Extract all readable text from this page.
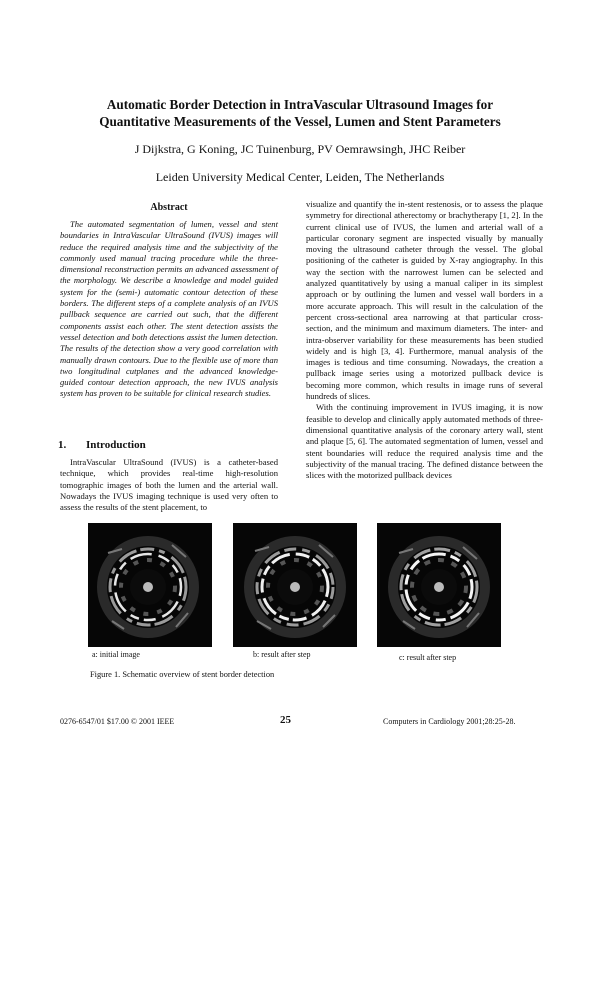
Automatic Border Detection in IntraVascular Ultrasound Images for
Quantitative Measurements of the Vessel, Lumen and Stent Parameters
J Dijkstra, G Koning, JC Tuinenburg, PV Oemrawsingh, JHC Reiber
Leiden University Medical Center, Leiden, The Netherlands
Abstract

The automated segmentation of lumen, vessel and stent boundaries in IntraVascular UltraSound (IVUS) images will reduce the required analysis time and the subjectivity of the commonly used manual tracing procedure while the three-dimensional reconstruction permits an advanced assessment of the morphology. We describe a knowledge and model guided system for the (semi-) automatic contour detection of these borders. The different steps of a complete analysis of an IVUS pullback sequence are carried out such, that the different components assist each other. The stent detection assists the vessel detection and both detections assist the lumen detection. The results of the detection show a very good correlation with manually drawn contours. Due to the flexible use of more than two longitudinal cutplanes and the advanced knowledge-guided contour detection approach, the new IVUS analysis system has proven to be suitable for clinical research studies.

1. Introduction

IntraVascular UltraSound (IVUS) is a catheter-based technique, which provides real-time high-resolution tomographic images of both the lumen and the arterial wall. Nowadays the IVUS imaging technique is used very often to assess the results of the stent placement, to

visualize and quantify the in-stent restenosis, or to assess the plaque symmetry for directional atherectomy or brachytherapy [1, 2]. In the current clinical use of IVUS, the lumen and arterial wall of a particular coronary segment are inspected visually by manually moving the ultrasound catheter through the vessel. The global positioning of the catheter is guided by X-ray angiography. In this way the section with the narrowest lumen can be selected and analyzed quantitatively by using a manual caliper in its simplest approach or by outlining the lumen and vessel wall borders in a more accurate approach. This will result in the calculation of the percent cross-sectional area narrowing at that particular cross-section, and the minimum and maximum diameters. The inter- and intra-observer variability for these measurements has been studied widely and is high [3, 4]. Furthermore, manual analysis of the images is tedious and time consuming. Nowadays, the creation a pullback image series using a motorized pullback device is becoming more common, which results in image runs of several hundreds of slices.

With the continuing improvement in IVUS imaging, it is now feasible to develop and clinically apply automated methods of three-dimensional quantitative analysis of the coronary artery wall, stent and plaque [5, 6]. The automated segmentation of lumen, vessel and stent boundaries will reduce the required analysis time and the subjectivity of the manual tracing. The defined distance between the slices with the motorized pullback devices

a: initial image	b: result after step	c: result after step
Figure 1. Schematic overview of stent border detection
0276-6547/01 $17.00 © 2001 IEEE	25	Computers in Cardiology 2001;28:25-28.
